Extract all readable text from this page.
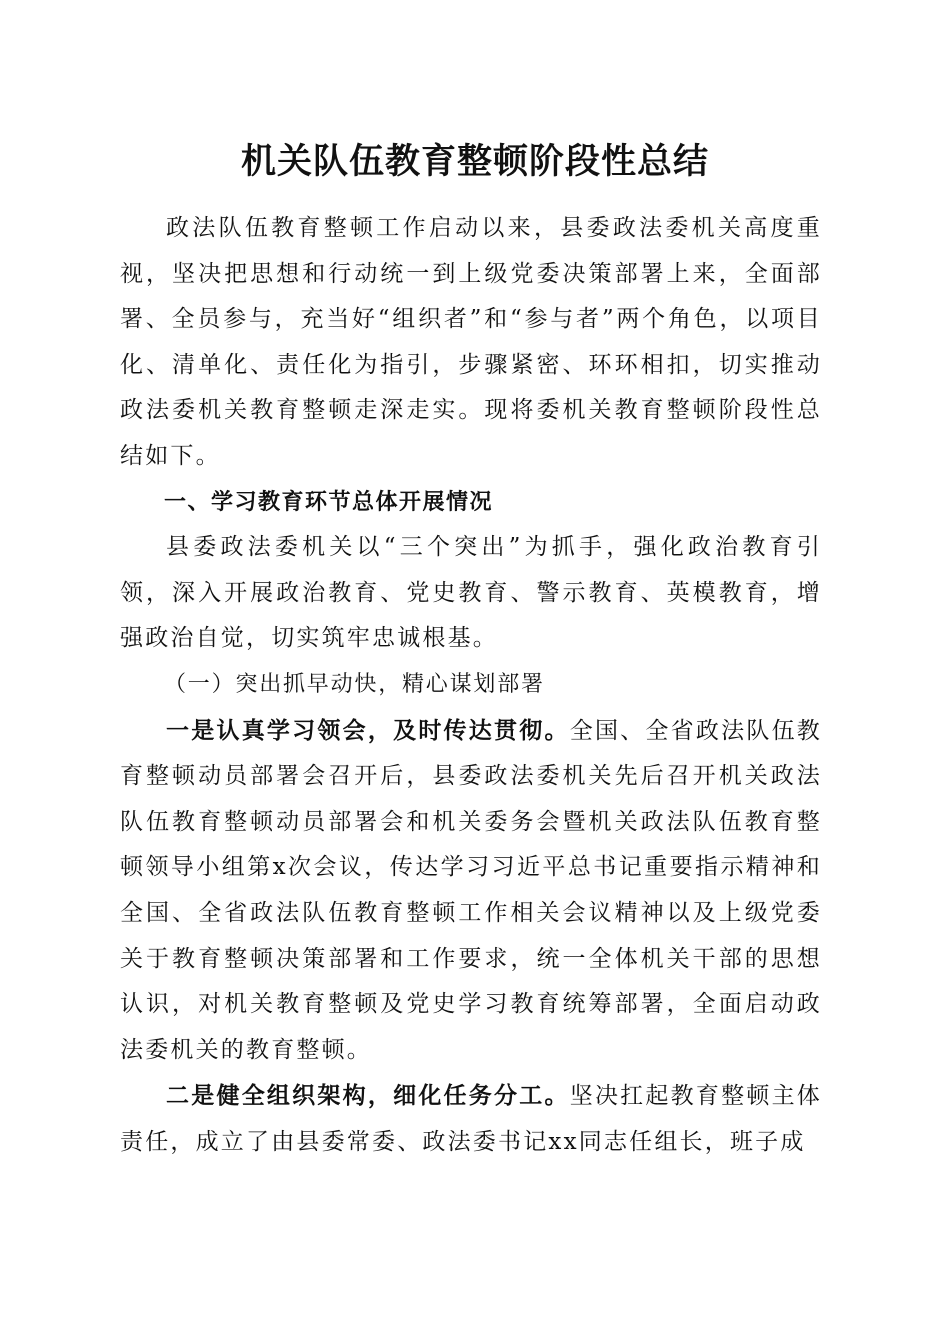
机关队伍教育整顿阶段性总结

政法队伍教育整顿工作启动以来，县委政法委机关高度重视，坚决把思想和行动统一到上级党委决策部署上来，全面部署、全员参与，充当好“组织者”和“参与者”两个角色，以项目化、清单化、责任化为指引，步骤紧密、环环相扣，切实推动政法委机关教育整顿走深走实。现将委机关教育整顿阶段性总结如下。

一、学习教育环节总体开展情况

县委政法委机关以“三个突出”为抓手，强化政治教育引领，深入开展政治教育、党史教育、警示教育、英模教育，增强政治自觉，切实筑牢忠诚根基。

（一）突出抓早动快，精心谋划部署

一是认真学习领会，及时传达贯彻。全国、全省政法队伍教育整顿动员部署会召开后，县委政法委机关先后召开机关政法队伍教育整顿动员部署会和机关委务会暨机关政法队伍教育整顿领导小组第x次会议，传达学习习近平总书记重要指示精神和全国、全省政法队伍教育整顿工作相关会议精神以及上级党委关于教育整顿决策部署和工作要求，统一全体机关干部的思想认识，对机关教育整顿及党史学习教育统筹部署，全面启动政法委机关的教育整顿。

二是健全组织架构，细化任务分工。坚决扛起教育整顿主体责任，成立了由县委常委、政法委书记xx同志任组长，班子成
